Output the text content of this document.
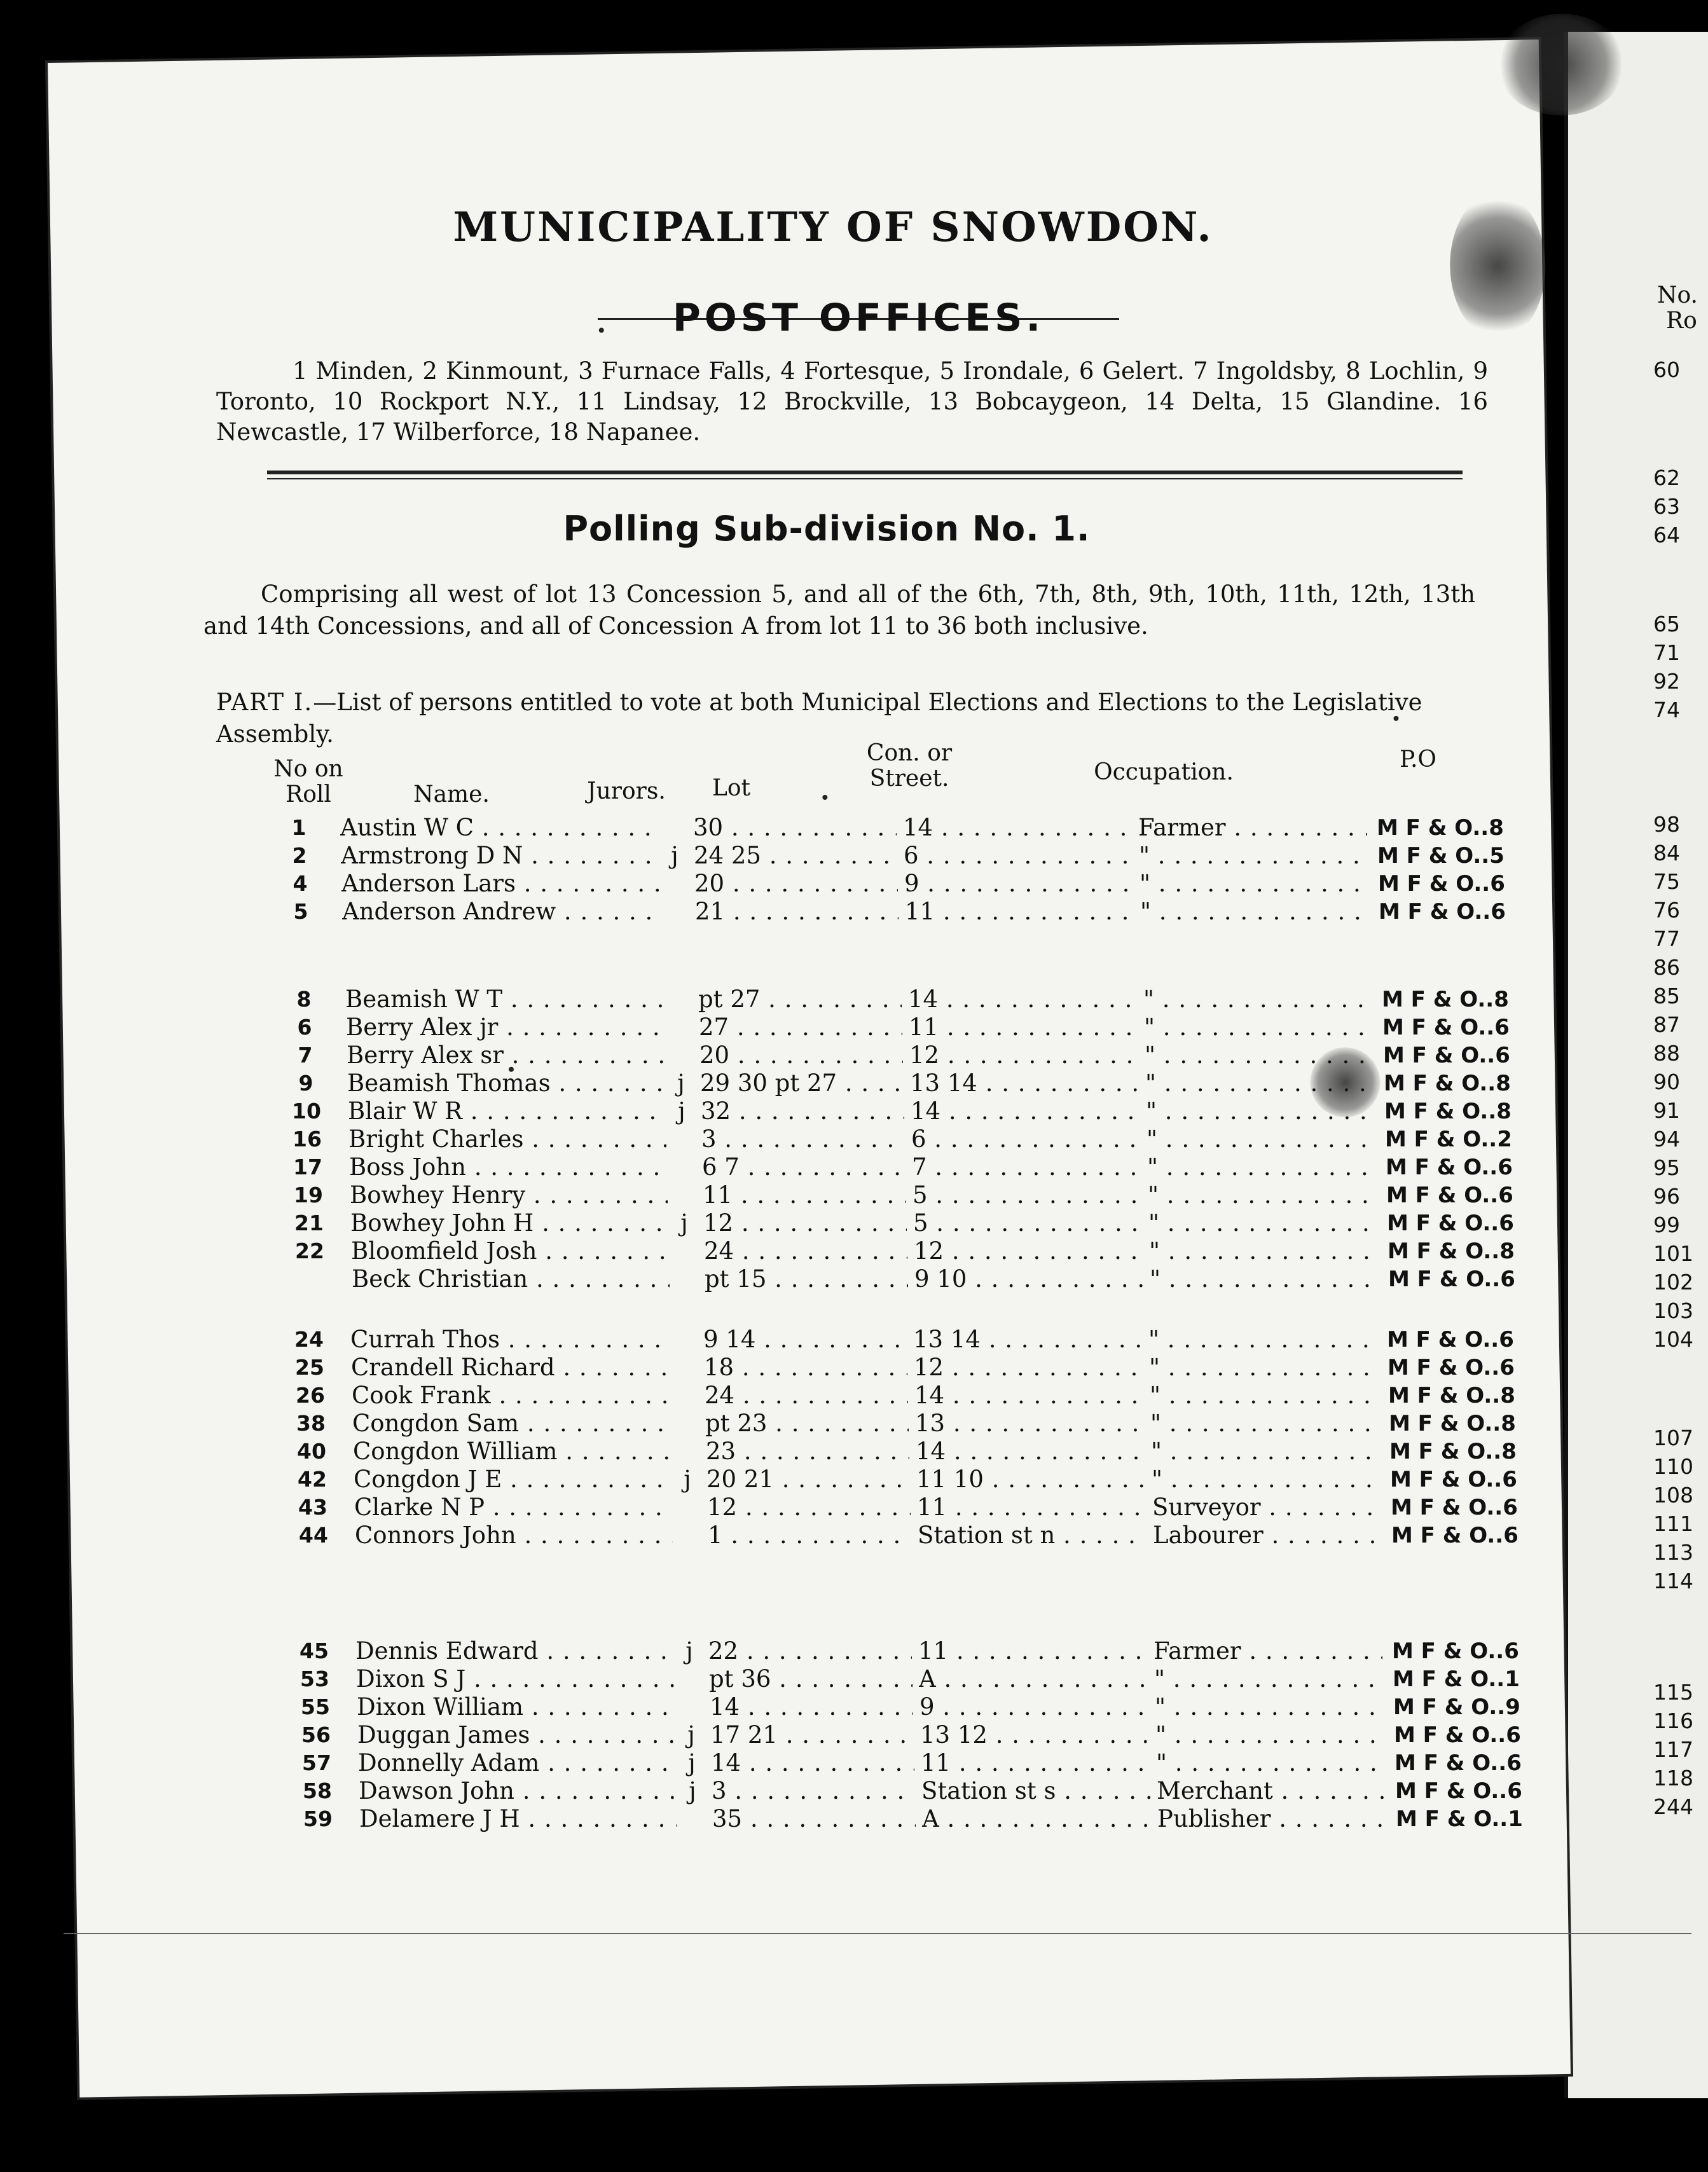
No.
Ro
60
62
63
64
65
71
92
74
98
84
75
76
77
86
85
87
88
90
91
94
95
96
99
101
102
103
104
107
110
108
111
113
114
115
116
117
118
244
MUNICIPALITY OF SNOWDON.
POST OFFICES.
1 Minden, 2 Kinmount, 3 Furnace Falls, 4 Fortesque, 5 Irondale, 6 Gelert. 7 Ingoldsby, 8 Lochlin, 9 Toronto, 10 Rockport N.Y., 11 Lindsay, 12 Brockville, 13 Bobcaygeon, 14 Delta, 15 Glandine. 16 Newcastle, 17 Wilberforce, 18 Napanee.
Polling Sub-division No. 1.
Comprising all west of lot 13 Concession 5, and all of the 6th, 7th, 8th, 9th, 10th, 11th, 12th, 13th and 14th Concessions, and all of Concession A from lot 11 to 36 both inclusive.
PART I.—List of persons entitled to vote at both Municipal Elections and Elections to the Legislative Assembly.
No on
Roll	Name.	Jurors.	Lot
Con. or
Street.	Occupation.	P.O
1	Austin W C . . .	30 . . .	14 . . .	Farmer . . .	M F & O..8
2	Armstrong D N . . .	j 24 25 . . .	6 . . .	" . . .	M F & O..5
4	Anderson Lars . . .	20 . . .	9 . . .	" . . .	M F & O..6
5	Anderson Andrew . . .	21 . . .	11 . . .	" . . .	M F & O..6
8	Beamish W T . . .	pt 27 . . .	14 . . .	" . . .	M F & O..8
6	Berry Alex jr . . .	27 . . .	11 . . .	" . . .	M F & O..6
7	Berry Alex sr . . .	20 . . .	12 . . .	" . . .	M F & O..6
9	Beamish Thomas . . .	j 29 30 pt 27 . . .	13 14 . . .	" . . .	M F & O..8
10	Blair W R . . .	j 32 . . .	14 . . .	" . . .	M F & O..8
16	Bright Charles . . .	3 . . .	6 . . .	" . . .	M F & O..2
17	Boss John . . .	6 7 . . .	7 . . .	" . . .	M F & O..6
19	Bowhey Henry . . .	11 . . .	5 . . .	" . . .	M F & O..6
21	Bowhey John H . . .	j 12 . . .	5 . . .	" . . .	M F & O..6
22	Bloomfield Josh . . .	24 . . .	12 . . .	" . . .	M F & O..8
Beck Christian . . .	pt 15 . . .	9 10 . . .	" . . .	M F & O..6
24	Currah Thos . . .	9 14 . . .	13 14 . . .	" . . .	M F & O..6
25	Crandell Richard . . .	18 . . .	12 . . .	" . . .	M F & O..6
26	Cook Frank . . .	24 . . .	14 . . .	" . . .	M F & O..8
38	Congdon Sam . . .	pt 23 . . .	13 . . .	" . . .	M F & O..8
40	Congdon William . . .	23 . . .	14 . . .	" . . .	M F & O..8
42	Congdon J E . . .	j 20 21 . . .	11 10 . . .	" . . .	M F & O..6
43	Clarke N P . . .	12 . . .	11 . . .	Surveyor . . .	M F & O..6
44	Connors John . . .	1 . . .	Station st n . . .	Labourer . . .	M F & O..6
45	Dennis Edward . . .	j 22 . . .	11 . . .	Farmer . . .	M F & O..6
53	Dixon S J . . .	pt 36 . . .	A . . .	" . . .	M F & O..1
55	Dixon William . . .	14 . . .	9 . . .	" . . .	M F & O..9
56	Duggan James . . .	j 17 21 . . .	13 12 . . .	" . . .	M F & O..6
57	Donnelly Adam . . .	j 14 . . .	11 . . .	" . . .	M F & O..6
58	Dawson John . . .	j 3 . . .	Station st s . . .	Merchant . . .	M F & O..6
59	Delamere J H . . .	35 . . .	A . . .	Publisher . . .	M F & O..1
